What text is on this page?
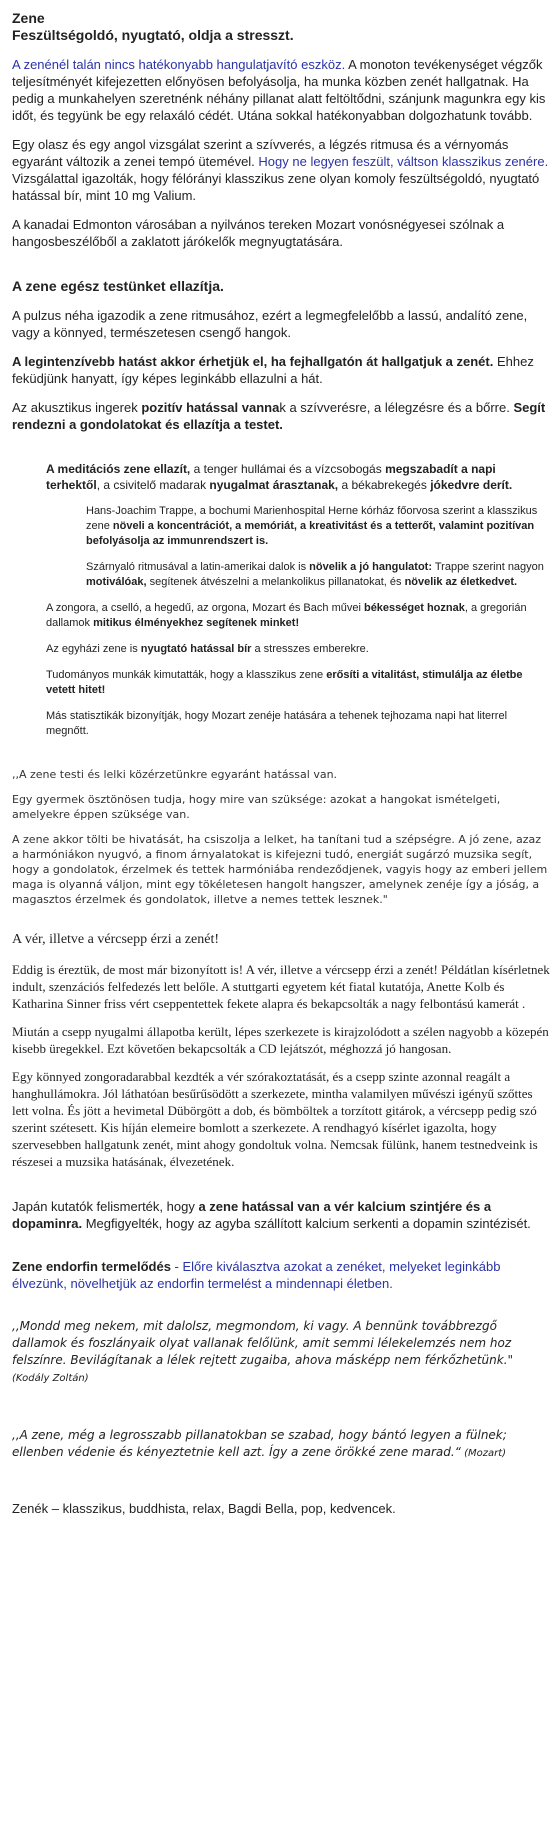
Zene

Feszültségoldó, nyugtató, oldja a stresszt.

A zenénél talán nincs hatékonyabb hangulatjavító eszköz. A monoton tevékenységet végzők teljesítményét kifejezetten előnyösen befolyásolja, ha munka közben zenét hallgatnak. Ha pedig a munkahelyen szeretnénk néhány pillanat alatt feltöltődni, szánjunk magunkra egy kis időt, és tegyünk be egy relaxáló cédét. Utána sokkal hatékonyabban dolgozhatunk tovább.

Egy olasz és egy angol vizsgálat szerint a szívverés, a légzés ritmusa és a vérnyomás egyaránt változik a zenei tempó ütemével. Hogy ne legyen feszült, váltson klasszikus zenére. Vizsgálattal igazolták, hogy félórányi klasszikus zene olyan komoly feszültségoldó, nyugtató hatással bír, mint 10 mg Valium.

A kanadai Edmonton városában a nyilvános tereken Mozart vonósnégyesei szólnak a hangosbeszélőből a zaklatott járókelők megnyugtatására.

A zene egész testünket ellazítja.

A pulzus néha igazodik a zene ritmusához, ezért a legmegfelelőbb a lassú, andalító zene, vagy a könnyed, természetesen csengő hangok.

A legintenzívebb hatást akkor érhetjük el, ha fejhallgatón át hallgatjuk a zenét. Ehhez feküdjünk hanyatt, így képes leginkább ellazulni a hát.

Az akusztikus ingerek pozitív hatással vannak a szívverésre, a lélegzésre és a bőrre. Segít rendezni a gondolatokat és ellazítja a testet.

A meditációs zene ellazít, a tenger hullámai és a vízcsobogás megszabadít a napi terhektől, a csivitelő madarak nyugalmat árasztanak, a békabrekegés jókedvre derít.

Hans-Joachim Trappe, a bochumi Marienhospital Herne kórház főorvosa szerint a klasszikus zene növeli a koncentrációt, a memóriát, a kreativitást és a tetterőt, valamint pozitívan befolyásolja az immunrendszert is.

Szárnyaló ritmusával a latin-amerikai dalok is növelik a jó hangulatot: Trappe szerint nagyon motiválóak, segítenek átvészelni a melankolikus pillanatokat, és növelik az életkedvet.

A zongora, a cselló, a hegedű, az orgona, Mozart és Bach művei békességet hoznak, a gregorián dallamok mitikus élményekhez segítenek minket!

Az egyházi zene is nyugtató hatással bír a stresszes emberekre.

Tudományos munkák kimutatták, hogy a klasszikus zene erősíti a vitalitást, stimulálja az életbe vetett hitet!

Más statisztikák bizonyítják, hogy Mozart zenéje hatására a tehenek tejhozama napi hat literrel megnőtt.

,,A zene testi és lelki közérzetünkre egyaránt hatással van.

Egy gyermek ösztönösen tudja, hogy mire van szüksége: azokat a hangokat ismételgeti, amelyekre éppen szüksége van.

A zene akkor tölti be hivatását, ha csiszolja a lelket, ha tanítani tud a szépségre. A jó zene, azaz a harmóniákon nyugvó, a finom árnyalatokat is kifejezni tudó, energiát sugárzó muzsika segít, hogy a gondolatok, érzelmek és tettek harmóniába rendeződjenek, vagyis hogy az emberi jellem maga is olyanná váljon, mint egy tökéletesen hangolt hangszer, amelynek zenéje így a jóság, a magasztos érzelmek és gondolatok, illetve a nemes tettek lesznek."

A vér, illetve a vércsepp érzi a zenét!

Eddig is éreztük, de most már bizonyított is! A vér, illetve a vércsepp érzi a zenét! Példátlan kísérletnek indult, szenzációs felfedezés lett belőle. A stuttgarti egyetem két fiatal kutatója, Anette Kolb és Katharina Sinner friss vért cseppentettek fekete alapra és bekapcsolták a nagy felbontású kamerát .

Miután a csepp nyugalmi állapotba került, lépes szerkezete is kirajzolódott a szélen nagyobb a közepén kisebb üregekkel. Ezt követően bekapcsolták a CD lejátszót, méghozzá jó hangosan.

Egy könnyed zongoradarabbal kezdték a vér szórakoztatását, és a csepp szinte azonnal reagált a hanghullámokra. Jól láthatóan besűrűsödött a szerkezete, mintha valamilyen művészi igényű szőttes lett volna. És jött a hevimetal Dübörgött a dob, és bömböltek a torzított gitárok, a vércsepp pedig szó szerint szétesett. Kis híján elemeire bomlott a szerkezete. A rendhagyó kísérlet igazolta, hogy szervesebben hallgatunk zenét, mint ahogy gondoltuk volna. Nemcsak fülünk, hanem testnedveink is részesei a muzsika hatásának, élvezetének.

Japán kutatók felismerték, hogy a zene hatással van a vér kalcium szintjére és a dopaminra. Megfigyelték, hogy az agyba szállított kalcium serkenti a dopamin szintézisét.

Zene endorfin termelődés - Előre kiválasztva azokat a zenéket, melyeket leginkább élvezünk, növelhetjük az endorfin termelést a mindennapi életben.

,,Mondd meg nekem, mit dalolsz, megmondom, ki vagy. A bennünk továbbrezgő dallamok és foszlányaik olyat vallanak felőlünk, amit semmi lélekelemzés nem hoz felszínre. Bevilágítanak a lélek rejtett zugaiba, ahova másképp nem férkőzhetünk."
(Kodály Zoltán)

,,A zene, még a legrosszabb pillanatokban se szabad, hogy bántó legyen a fülnek; ellenben védenie és kényeztetnie kell azt. Így a zene örökké zene marad.“ (Mozart)

Zenék – klasszikus, buddhista, relax, Bagdi Bella, pop, kedvencek.
